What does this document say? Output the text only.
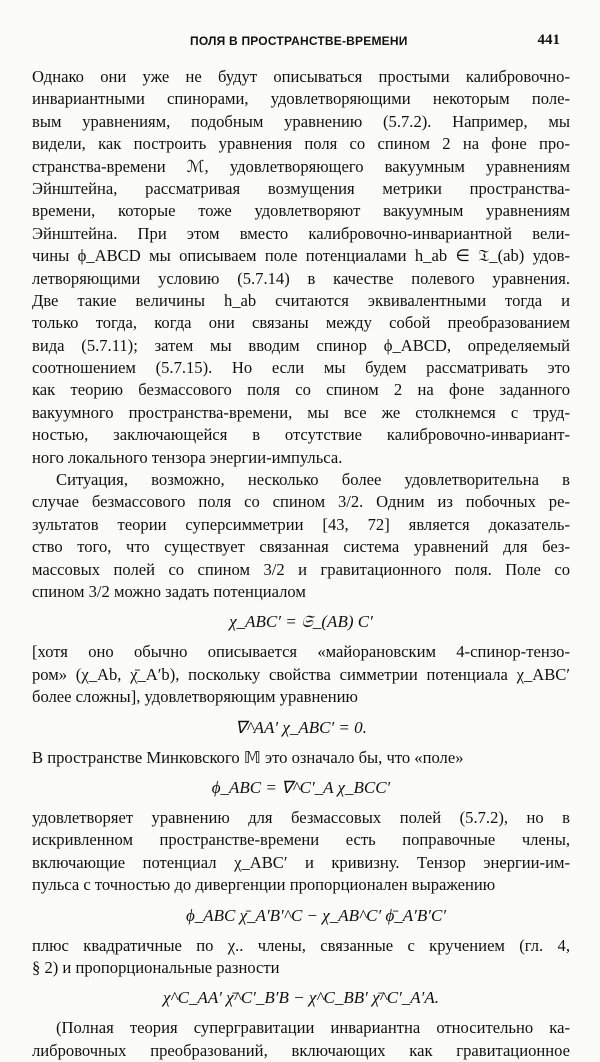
ПОЛЯ В ПРОСТРАНСТВЕ-ВРЕМЕНИ	441
Однако они уже не будут описываться простыми калибровочно-
инвариантными спинорами, удовлетворяющими некоторым поле-
вым уравнениям, подобным уравнению (5.7.2). Например, мы
видели, как построить уравнения поля со спином 2 на фоне про-
странства-времени ℳ, удовлетворяющего вакуумным уравнениям
Эйнштейна, рассматривая возмущения метрики пространства-
времени, которые тоже удовлетворяют вакуумным уравнениям
Эйнштейна. При этом вместо калибровочно-инвариантной вели-
чины ϕ_ABCD мы описываем поле потенциалами h_ab ∈ 𝔗_(ab) удов-
летворяющими условию (5.7.14) в качестве полевого уравнения.
Две такие величины h_ab считаются эквивалентными тогда и
только тогда, когда они связаны между собой преобразованием
вида (5.7.11); затем мы вводим спинор ϕ_ABCD, определяемый
соотношением (5.7.15). Но если мы будем рассматривать это
как теорию безмассового поля со спином 2 на фоне заданного
вакуумного пространства-времени, мы все же столкнемся с труд-
ностью, заключающейся в отсутствие калибровочно-инвариант-
ного локального тензора энергии-импульса.
Ситуация, возможно, несколько более удовлетворительна в
случае безмассового поля со спином 3/2. Одним из побочных ре-
зультатов теории суперсимметрии [43, 72] является доказатель-
ство того, что существует связанная система уравнений для без-
массовых полей со спином 3/2 и гравитационного поля. Поле со
спином 3/2 можно задать потенциалом
χ_ABC′ = 𝔖_(AB) C′
[хотя оно обычно описывается «майорановским 4-спинор-тензо-
ром» (χ_Ab, χ̄_A′b), поскольку свойства симметрии потенциала χ_ABC′
более сложны], удовлетворяющим уравнению
∇^AA′ χ_ABC′ = 0.
В пространстве Минковского 𝕄 это означало бы, что «поле»
ϕ_ABC = ∇^C′_A χ_BCC′
удовлетворяет уравнению для безмассовых полей (5.7.2), но в
искривленном пространстве-времени есть поправочные члены,
включающие потенциал χ_ABC′ и кривизну. Тензор энергии-им-
пульса с точностью до дивергенции пропорционален выражению
ϕ_ABC χ̄_A′B′^C − χ_AB^C′ ϕ̄_A′B′C′
плюс квадратичные по χ.. члены, связанные с кручением (гл. 4,
§ 2) и пропорциональные разности
χ^C_AA′ χ̄^C′_B′B − χ^C_BB′ χ̄^C′_A′A.
(Полная теория супергравитации инвариантна относительно ка-
либровочных преобразований, включающих как гравитационное
